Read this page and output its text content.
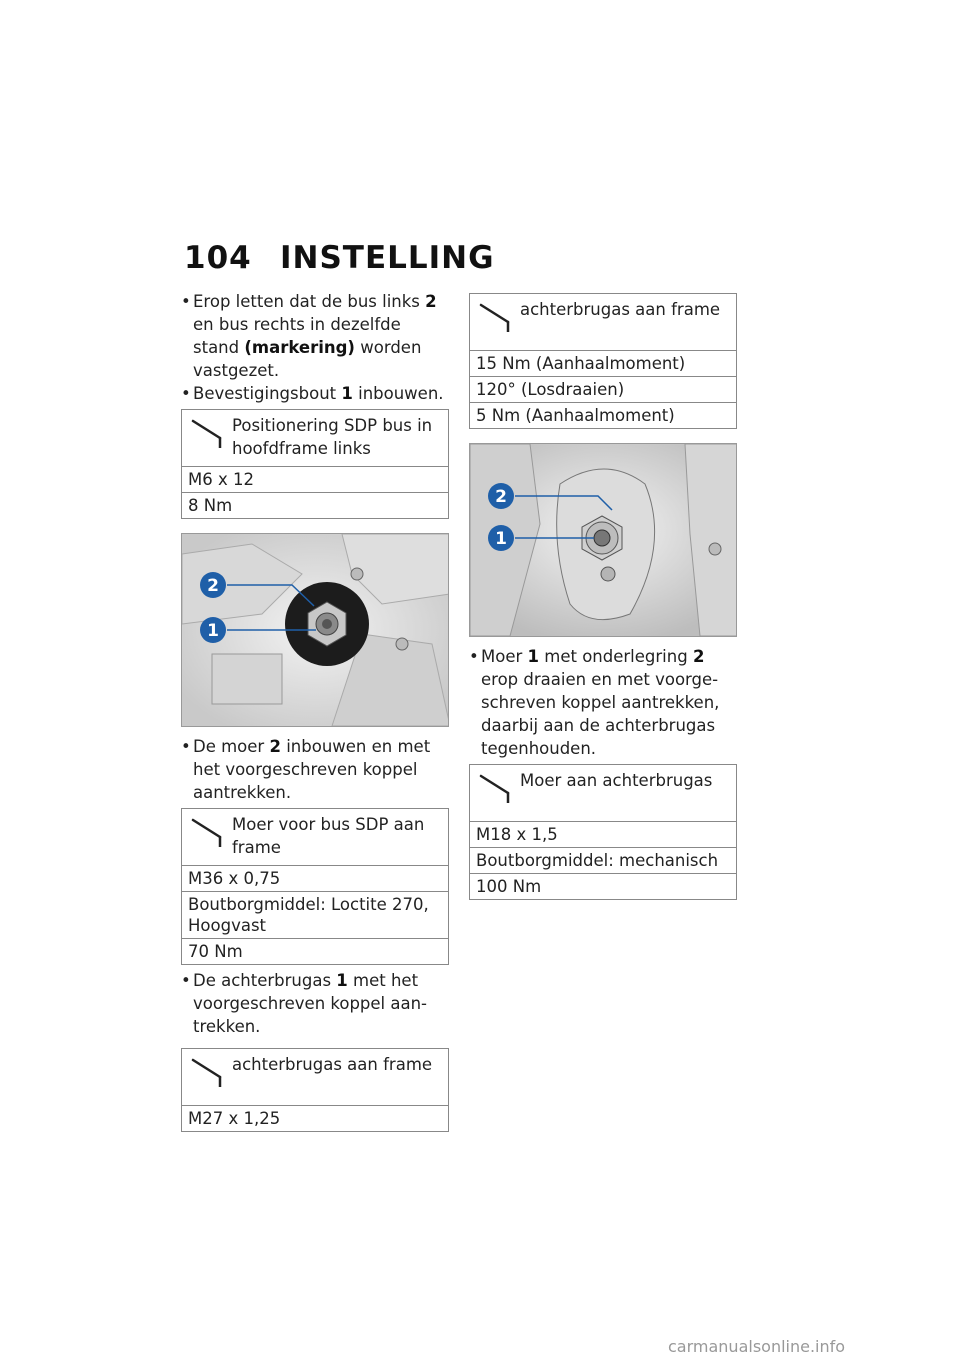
104 INSTELLING
• Erop letten dat de bus links 2 en bus rechts in dezelfde stand (markering) worden vastgezet.
• Bevestigingsbout 1 inbouwen.
Positionering SDP bus in hoofdframe links
M6 x 12
8 Nm
2
1
• De moer 2 inbouwen en met het voorgeschreven koppel aantrekken.
Moer voor bus SDP aan frame
M36 x 0,75
Boutborgmiddel: Loctite 270, Hoogvast
70 Nm
• De achterbrugas 1 met het voorgeschreven koppel aan-trekken.
achterbrugas aan frame
M27 x 1,25
achterbrugas aan frame
15 Nm (Aanhaalmoment)
120° (Losdraaien)
5 Nm (Aanhaalmoment)
2
1
• Moer 1 met onderlegring 2 erop draaien en met voorge-schreven koppel aantrekken, daarbij aan de achterbrugas tegenhouden.
Moer aan achterbrugas
M18 x 1,5
Boutborgmiddel: mechanisch
100 Nm
carmanualsonline.info
